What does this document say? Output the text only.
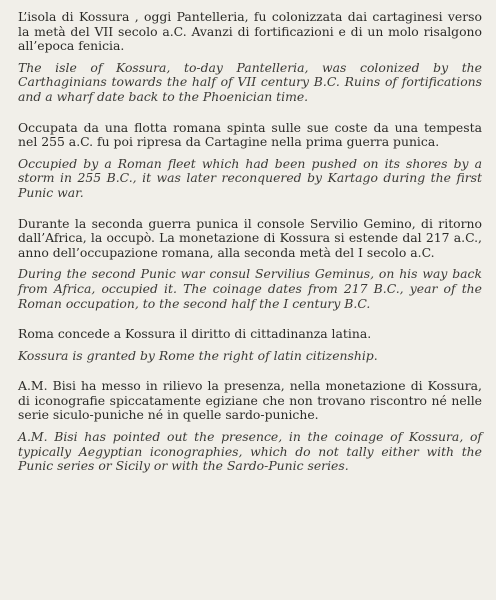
L’isola di Kossura , oggi Pantelleria, fu colonizzata dai cartaginesi verso la metà del VII secolo a.C. Avanzi di fortificazioni e di un molo risalgono all’epoca fenicia.

The isle of Kossura, to-day Pantelleria, was colonized by the Carthaginians towards the half of VII century B.C. Ruins of fortifications and a wharf date back to the Phoenician time.

Occupata da una flotta romana spinta sulle sue coste da una tempesta nel 255 a.C. fu poi ripresa da Cartagine nella prima guerra punica.

Occupied by a Roman fleet which had been pushed on its shores by a storm in 255 B.C., it was later reconquered by Kartago during the first Punic war.

Durante la seconda guerra punica il console Servilio Gemino, di ritorno dall’Africa, la occupò. La monetazione di Kossura si estende dal 217 a.C., anno dell’occupazione romana, alla seconda metà del I secolo a.C.

During the second Punic war consul Servilius Geminus, on his way back from Africa, occupied it. The coinage dates from 217 B.C., year of the Roman occupation, to the second half the I century B.C.

Roma concede a Kossura il diritto di cittadinanza latina.

Kossura is granted by Rome the right of latin citizenship.

A.M. Bisi ha messo in rilievo la presenza, nella monetazione di Kossura, di iconografie spiccatamente egiziane che non trovano riscontro né nelle serie siculo-puniche né in quelle sardo-puniche.

A.M. Bisi has pointed out the presence, in the coinage of Kossura, of typically Aegyptian iconographies, which do not tally either with the Punic series or Sicily or with the Sardo-Punic series.
